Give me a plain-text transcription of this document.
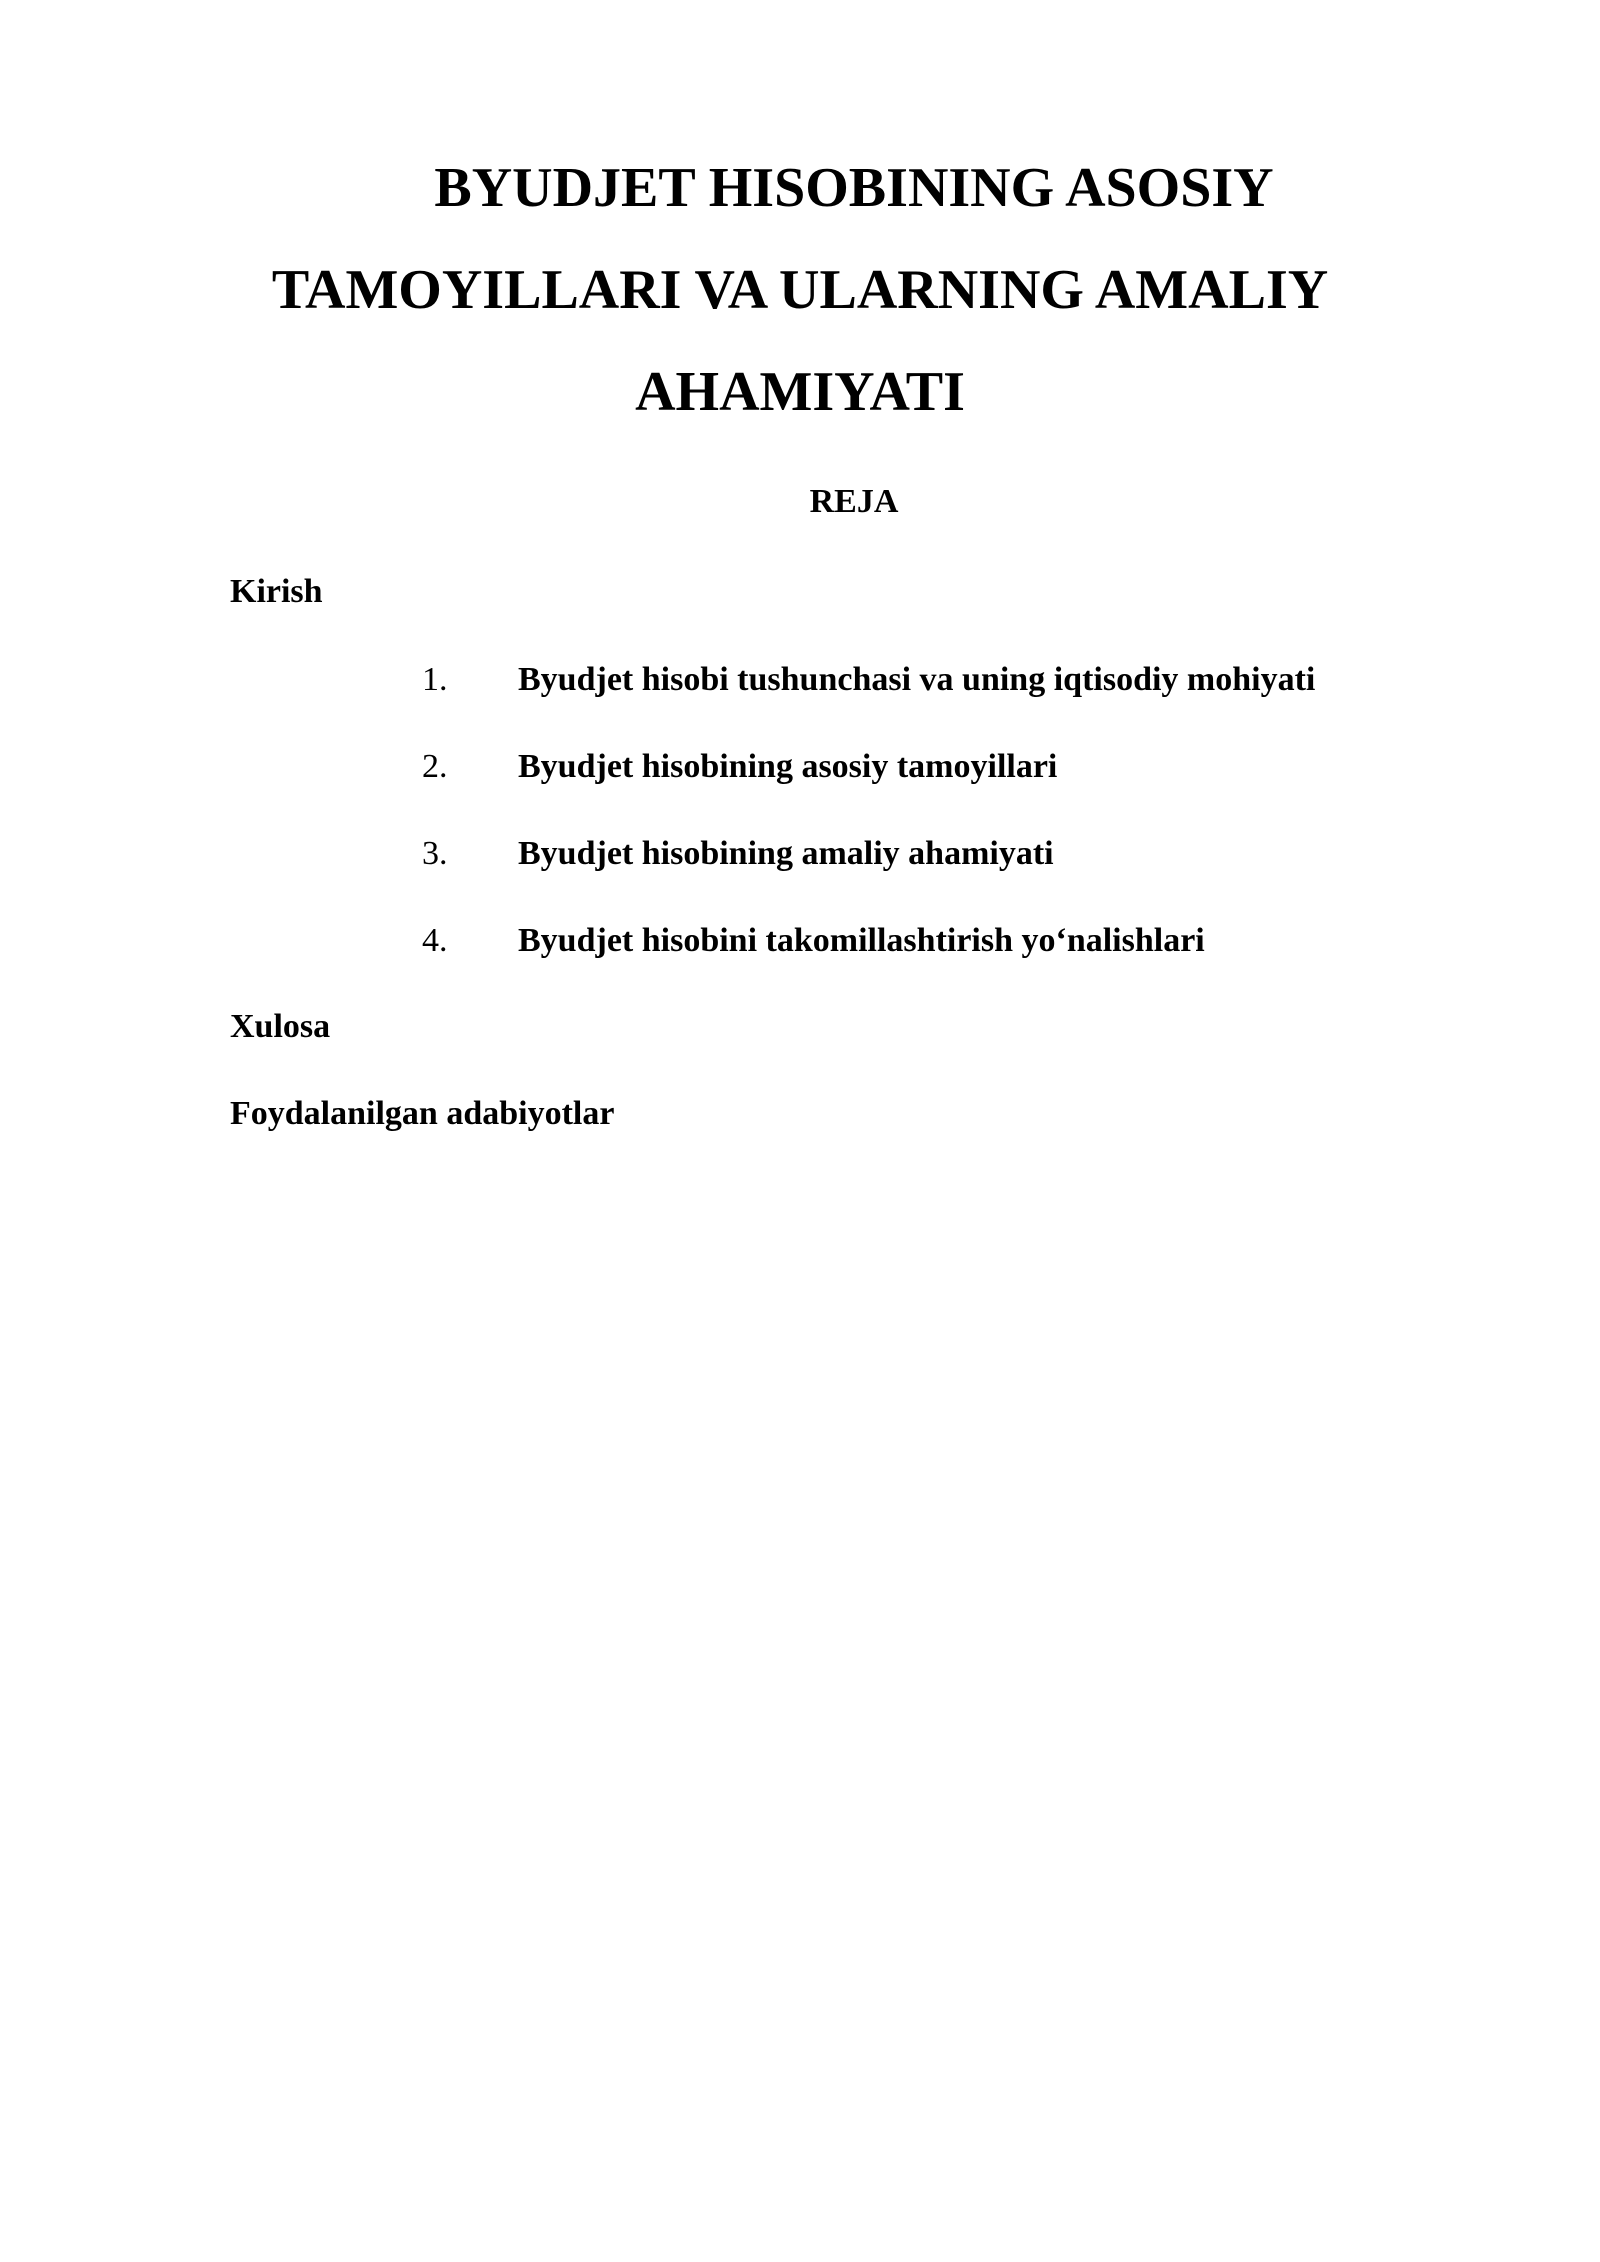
BYUDJET HISOBINING ASOSIY
TAMOYILLARI VA ULARNING AMALIY
AHAMIYATI
REJA

Kirish

1. Byudjet hisobi tushunchasi va uning iqtisodiy mohiyati
2. Byudjet hisobining asosiy tamoyillari
3. Byudjet hisobining amaliy ahamiyati
4. Byudjet hisobini takomillashtirish yo‘nalishlari

Xulosa

Foydalanilgan adabiyotlar
